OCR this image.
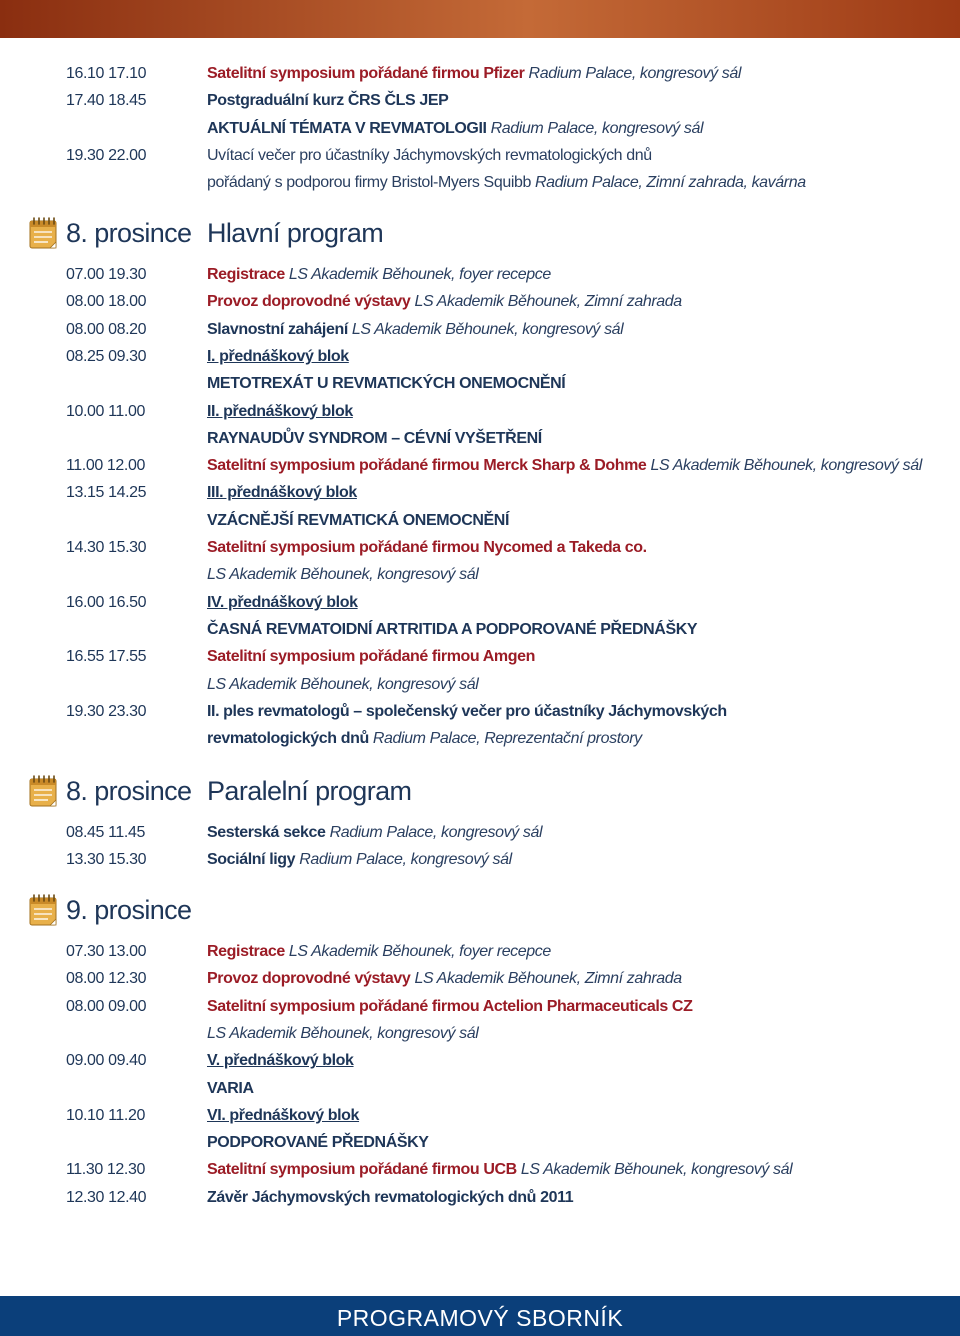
16.10 17.10	Satelitní symposium pořádané firmou Pfizer Radium Palace, kongresový sál
17.40 18.45	Postgraduální kurz ČRS ČLS JEP
AKTUÁLNÍ TÉMATA V REVMATOLOGII Radium Palace, kongresový sál
19.30 22.00	Uvítací večer pro účastníky Jáchymovských revmatologických dnů
pořádaný s podporou firmy Bristol-Myers Squibb Radium Palace, Zimní zahrada, kavárna
8. prosince Hlavní program
07.00 19.30	Registrace LS Akademik Běhounek, foyer recepce
08.00 18.00	Provoz doprovodné výstavy LS Akademik Běhounek, Zimní zahrada
08.00 08.20	Slavnostní zahájení LS Akademik Běhounek, kongresový sál
08.25 09.30	I. přednáškový blok
METOTREXÁT U REVMATICKÝCH ONEMOCNĚNÍ
10.00 11.00	II. přednáškový blok
RAYNAUDŮV SYNDROM – CÉVNÍ VYŠETŘENÍ
11.00 12.00	Satelitní symposium pořádané firmou Merck Sharp & Dohme LS Akademik Běhounek, kongresový sál
13.15 14.25	III. přednáškový blok
VZÁCNĚJŠÍ REVMATICKÁ ONEMOCNĚNÍ
14.30 15.30	Satelitní symposium pořádané firmou Nycomed a Takeda co.
LS Akademik Běhounek, kongresový sál
16.00 16.50	IV. přednáškový blok
ČASNÁ REVMATOIDNÍ ARTRITIDA A PODPOROVANÉ PŘEDNÁŠKY
16.55 17.55	Satelitní symposium pořádané firmou Amgen
LS Akademik Běhounek, kongresový sál
19.30 23.30	II. ples revmatologů – společenský večer pro účastníky Jáchymovských
revmatologických dnů Radium Palace, Reprezentační prostory
8. prosince Paralelní program
08.45 11.45	Sesterská sekce Radium Palace, kongresový sál
13.30 15.30	Sociální ligy Radium Palace, kongresový sál
9. prosince
07.30 13.00	Registrace LS Akademik Běhounek, foyer recepce
08.00 12.30	Provoz doprovodné výstavy LS Akademik Běhounek, Zimní zahrada
08.00 09.00	Satelitní symposium pořádané firmou Actelion Pharmaceuticals CZ
LS Akademik Běhounek, kongresový sál
09.00 09.40	V. přednáškový blok
VARIA
10.10 11.20	VI. přednáškový blok
PODPOROVANÉ PŘEDNÁŠKY
11.30 12.30	Satelitní symposium pořádané firmou UCB LS Akademik Běhounek, kongresový sál
12.30 12.40	Závěr Jáchymovských revmatologických dnů 2011
PROGRAMOVÝ SBORNÍK
